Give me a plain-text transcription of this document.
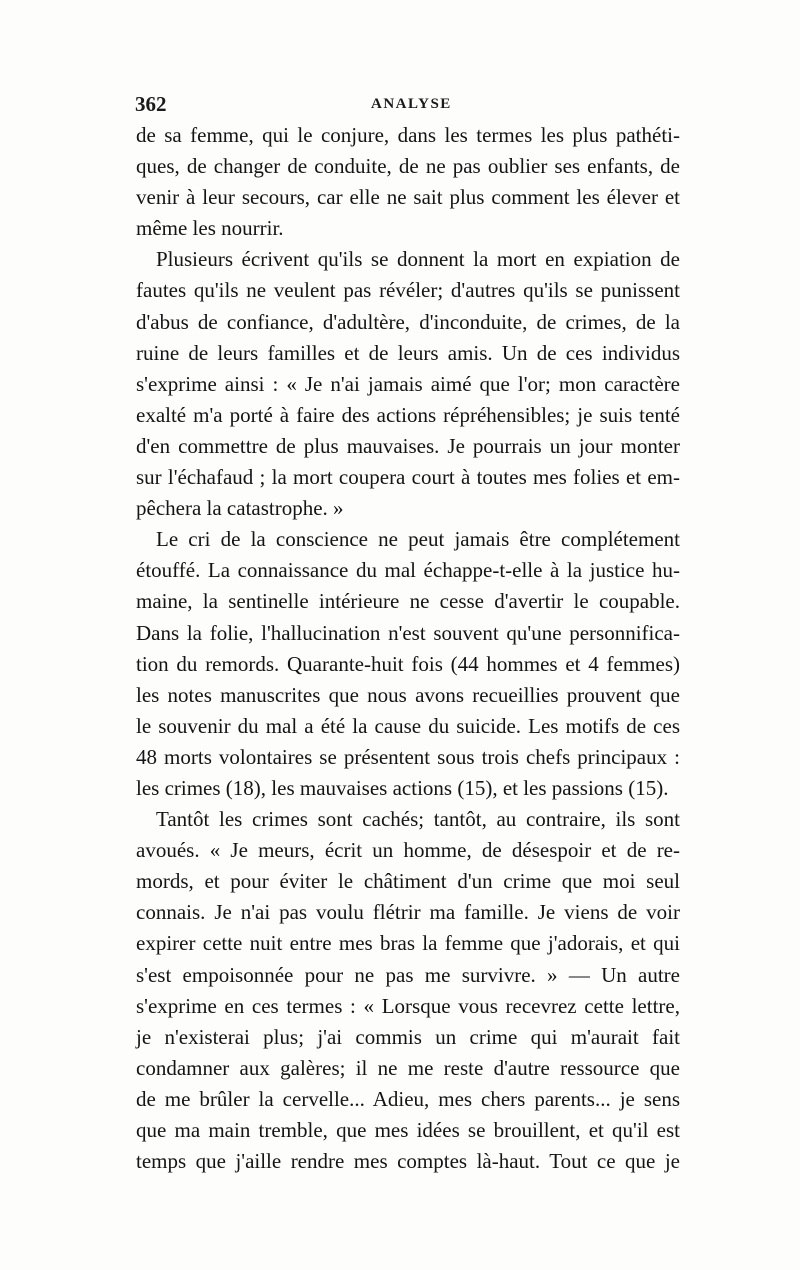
362	ANALYSE
de sa femme, qui le conjure, dans les termes les plus pathéti-
ques, de changer de conduite, de ne pas oublier ses enfants, de
venir à leur secours, car elle ne sait plus comment les élever et
même les nourrir.
Plusieurs écrivent qu'ils se donnent la mort en expiation de
fautes qu'ils ne veulent pas révéler; d'autres qu'ils se punissent
d'abus de confiance, d'adultère, d'inconduite, de crimes, de la
ruine de leurs familles et de leurs amis. Un de ces individus
s'exprime ainsi : « Je n'ai jamais aimé que l'or; mon caractère
exalté m'a porté à faire des actions répréhensibles; je suis tenté
d'en commettre de plus mauvaises. Je pourrais un jour monter
sur l'échafaud ; la mort coupera court à toutes mes folies et em-
pêchera la catastrophe. »
Le cri de la conscience ne peut jamais être complétement
étouffé. La connaissance du mal échappe-t-elle à la justice hu-
maine, la sentinelle intérieure ne cesse d'avertir le coupable.
Dans la folie, l'hallucination n'est souvent qu'une personnifica-
tion du remords. Quarante-huit fois (44 hommes et 4 femmes)
les notes manuscrites que nous avons recueillies prouvent que
le souvenir du mal a été la cause du suicide. Les motifs de ces
48 morts volontaires se présentent sous trois chefs principaux :
les crimes (18), les mauvaises actions (15), et les passions (15).
Tantôt les crimes sont cachés; tantôt, au contraire, ils sont
avoués. « Je meurs, écrit un homme, de désespoir et de re-
mords, et pour éviter le châtiment d'un crime que moi seul
connais. Je n'ai pas voulu flétrir ma famille. Je viens de voir
expirer cette nuit entre mes bras la femme que j'adorais, et qui
s'est empoisonnée pour ne pas me survivre. » — Un autre
s'exprime en ces termes : « Lorsque vous recevrez cette lettre,
je n'existerai plus; j'ai commis un crime qui m'aurait fait
condamner aux galères; il ne me reste d'autre ressource que
de me brûler la cervelle... Adieu, mes chers parents... je sens
que ma main tremble, que mes idées se brouillent, et qu'il est
temps que j'aille rendre mes comptes là-haut. Tout ce que je
